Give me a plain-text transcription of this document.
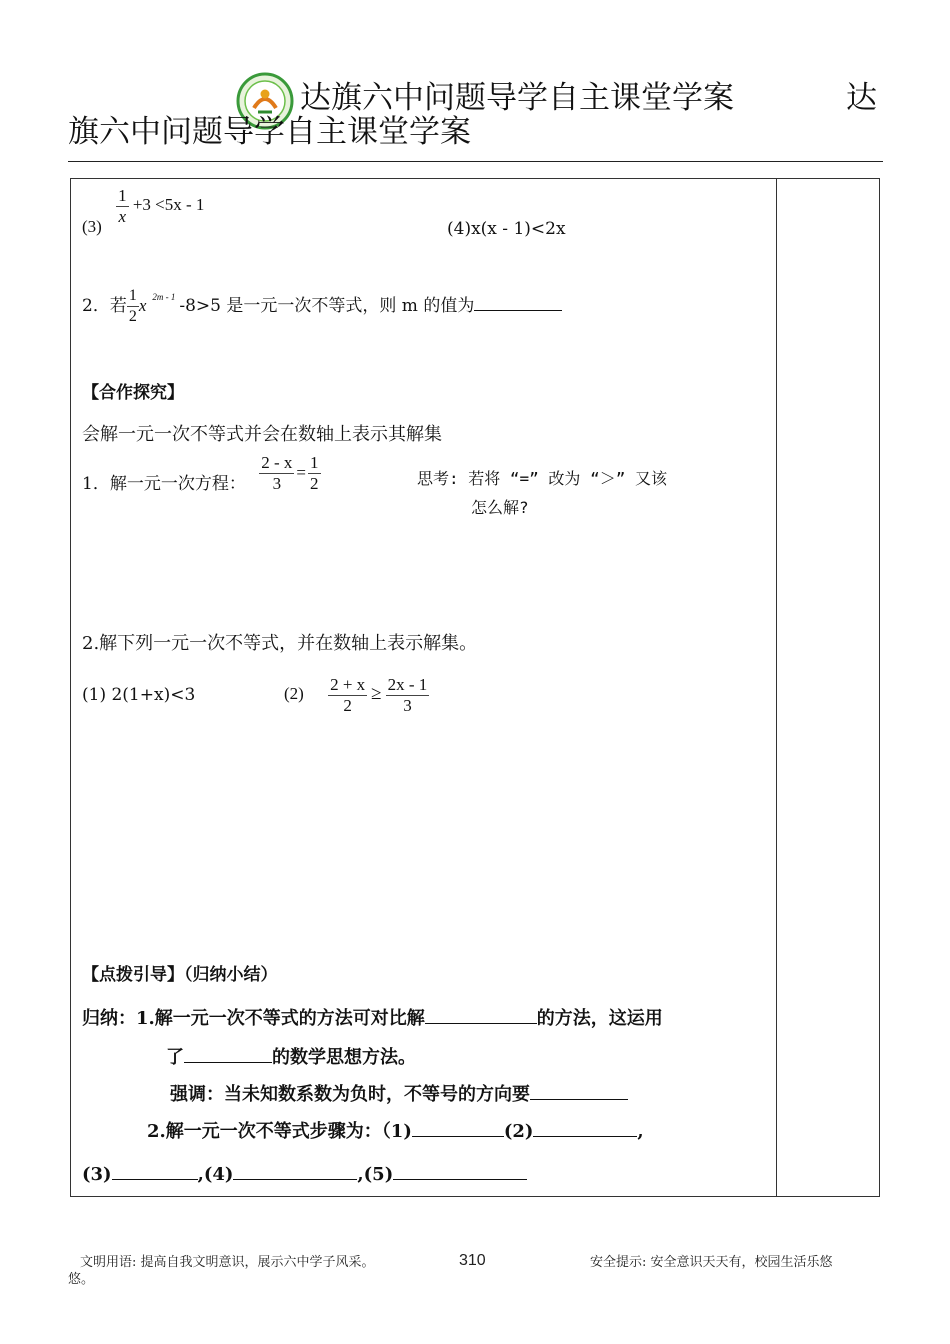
达旗六中问题导学自主课堂学案	达
旗六中问题导学自主课堂学案
$(3) \frac{1}{x} +3 <5x - 1$
(4)x(x - 1)<2x
2．若 $\frac{1}{2}$ x $^{2m - 1}$ -8>5 是一元一次不等式，则 m 的值为
【合作探究】
会解一元一次不等式并会在数轴上表示其解集
1．解一元一次方程： $\frac{2 - x}{3} = \frac{1}{2}$	思考: 若将 “=” 改为 “＞” 又该
怎么解?
2.解下列一元一次不等式，并在数轴上表示解集。
(1) 2(1+x)<3	$(2) \frac{2 + x}{2} \ge \frac{2x - 1}{3}$
【点拨引导】（归纳小结）
归纳：1.解一元一次不等式的方法可对比解	的方法，这运用
了	的数学思想方法。
强调：当未知数系数为负时，不等号的方向要
2.解一元一次不等式步骤为：（1)	(2)	,
(3)	,(4)	,(5)
文明用语: 提高自我文明意识，展示六中学子风采。	310	安全提示: 安全意识天天有，校园生活乐悠
悠。
